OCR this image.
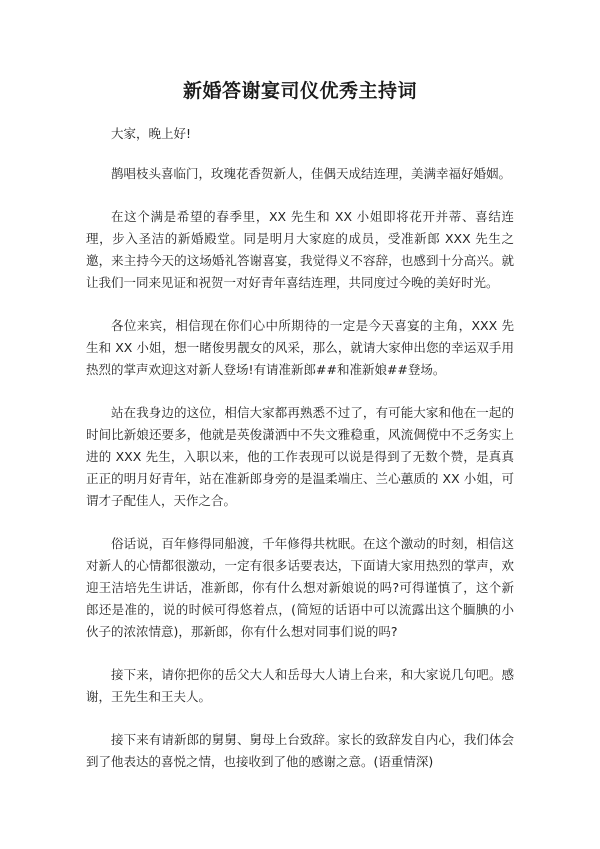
新婚答谢宴司仪优秀主持词

大家，晚上好!

鹊唱枝头喜临门，玫瑰花香贺新人，佳偶天成结连理，美满幸福好婚姻。

在这个满是希望的春季里，XX 先生和 XX 小姐即将花开并蒂、喜结连理，步入圣洁的新婚殿堂。同是明月大家庭的成员，受准新郎 XXX 先生之邀，来主持今天的这场婚礼答谢喜宴，我觉得义不容辞，也感到十分高兴。就让我们一同来见证和祝贺一对好青年喜结连理，共同度过今晚的美好时光。

各位来宾，相信现在你们心中所期待的一定是今天喜宴的主角，XXX 先生和 XX 小姐，想一睹俊男靓女的风采，那么，就请大家伸出您的幸运双手用热烈的掌声欢迎这对新人登场!有请准新郎##和准新娘##登场。

站在我身边的这位，相信大家都再熟悉不过了，有可能大家和他在一起的时间比新娘还要多，他就是英俊潇洒中不失文雅稳重，风流倜傥中不乏务实上进的 XXX 先生，入职以来，他的工作表现可以说是得到了无数个赞，是真真正正的明月好青年，站在准新郎身旁的是温柔端庄、兰心蕙质的 XX 小姐，可谓才子配佳人，天作之合。

俗话说，百年修得同船渡，千年修得共枕眠。在这个激动的时刻，相信这对新人的心情都很激动，一定有很多话要表达，下面请大家用热烈的掌声，欢迎王洁培先生讲话，准新郎，你有什么想对新娘说的吗?可得谨慎了，这个新郎还是准的，说的时候可得悠着点，(简短的话语中可以流露出这个腼腆的小伙子的浓浓情意)，那新郎，你有什么想对同事们说的吗?

接下来，请你把你的岳父大人和岳母大人请上台来，和大家说几句吧。感谢，王先生和王夫人。

接下来有请新郎的舅舅、舅母上台致辞。家长的致辞发自内心，我们体会到了他表达的喜悦之情，也接收到了他的感谢之意。(语重情深)
